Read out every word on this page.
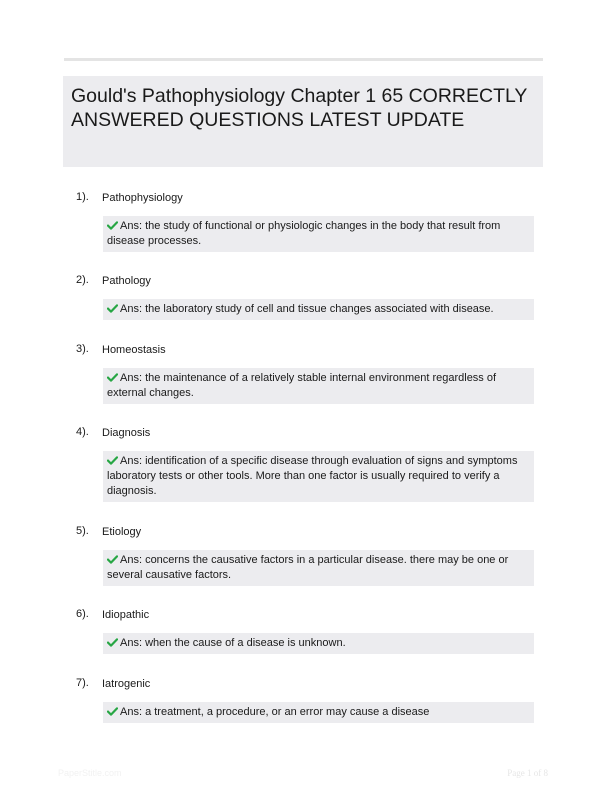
Gould's Pathophysiology Chapter 1 65 CORRECTLY ANSWERED QUESTIONS LATEST UPDATE
1). Pathophysiology
Ans: the study of functional or physiologic changes in the body that result from disease processes.
2). Pathology
Ans: the laboratory study of cell and tissue changes associated with disease.
3). Homeostasis
Ans: the maintenance of a relatively stable internal environment regardless of external changes.
4). Diagnosis
Ans: identification of a specific disease through evaluation of signs and symptoms laboratory tests or other tools. More than one factor is usually required to verify a diagnosis.
5). Etiology
Ans: concerns the causative factors in a particular disease. there may be one or several causative factors.
6). Idiopathic
Ans: when the cause of a disease is unknown.
7). Iatrogenic
Ans: a treatment, a procedure, or an error may cause a disease
PaperStitle.com	Page 1 of 8
